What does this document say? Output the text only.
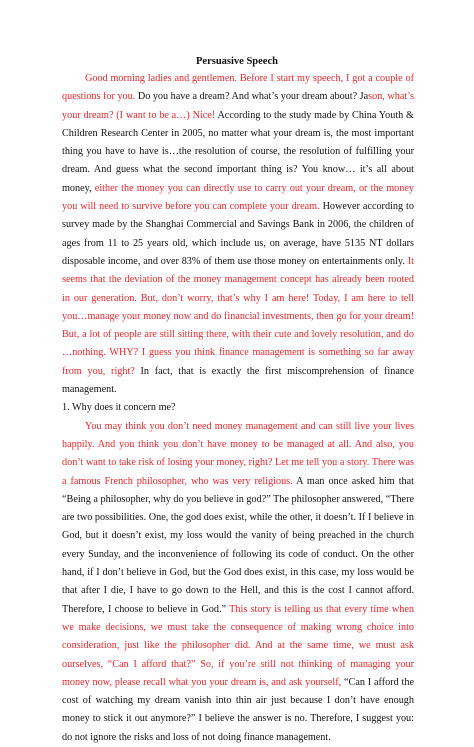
Persuasive Speech

Good morning ladies and gentlemen. Before I start my speech, I got a couple of questions for you. Do you have a dream? And what’s your dream about? Jason, what’s your dream? (I want to be a…) Nice! According to the study made by China Youth & Children Research Center in 2005, no matter what your dream is, the most important thing you have to have is…the resolution of course, the resolution of fulfilling your dream. And guess what the second important thing is? You know… it’s all about money, either the money you can directly use to carry out your dream, or the money you will need to survive before you can complete your dream. However according to survey made by the Shanghai Commercial and Savings Bank in 2006, the children of ages from 11 to 25 years old, which include us, on average, have 5135 NT dollars disposable income, and over 83% of them use those money on entertainments only. It seems that the deviation of the money management concept has already been rooted in our generation. But, don’t worry, that’s why I am here! Today, I am here to tell you…manage your money now and do financial investments, then go for your dream! But, a lot of people are still sitting there, with their cute and lovely resolution, and do …nothing. WHY? I guess you think finance management is something so far away from you, right? In fact, that is exactly the first miscomprehension of finance management.

1. Why does it concern me?

You may think you don’t need money management and can still live your lives happily. And you think you don’t have money to be managed at all. And also, you don’t want to take risk of losing your money, right? Let me tell you a story. There was a famous French philosopher, who was very religious. A man once asked him that “Being a philosopher, why do you believe in god?” The philosopher answered, “There are two possibilities. One, the god does exist, while the other, it doesn’t. If I believe in God, but it doesn’t exist, my loss would the vanity of being preached in the church every Sunday, and the inconvenience of following its code of conduct. On the other hand, if I don’t believe in God, but the God does exist, in this case, my loss would be that after I die, I have to go down to the Hell, and this is the cost I cannot afford. Therefore, I choose to believe in God.” This story is telling us that every time when we make decisions, we must take the consequence of making wrong choice into consideration, just like the philosopher did. And at the same time, we must ask ourselves, “Can I afford that?” So, if you’re still not thinking of managing your money now, please recall what you your dream is, and ask yourself, “Can I afford the cost of watching my dream vanish into thin air just because I don’t have enough money to stick it out anymore?” I believe the answer is no. Therefore, I suggest you: do not ignore the risks and loss of not doing finance management.
